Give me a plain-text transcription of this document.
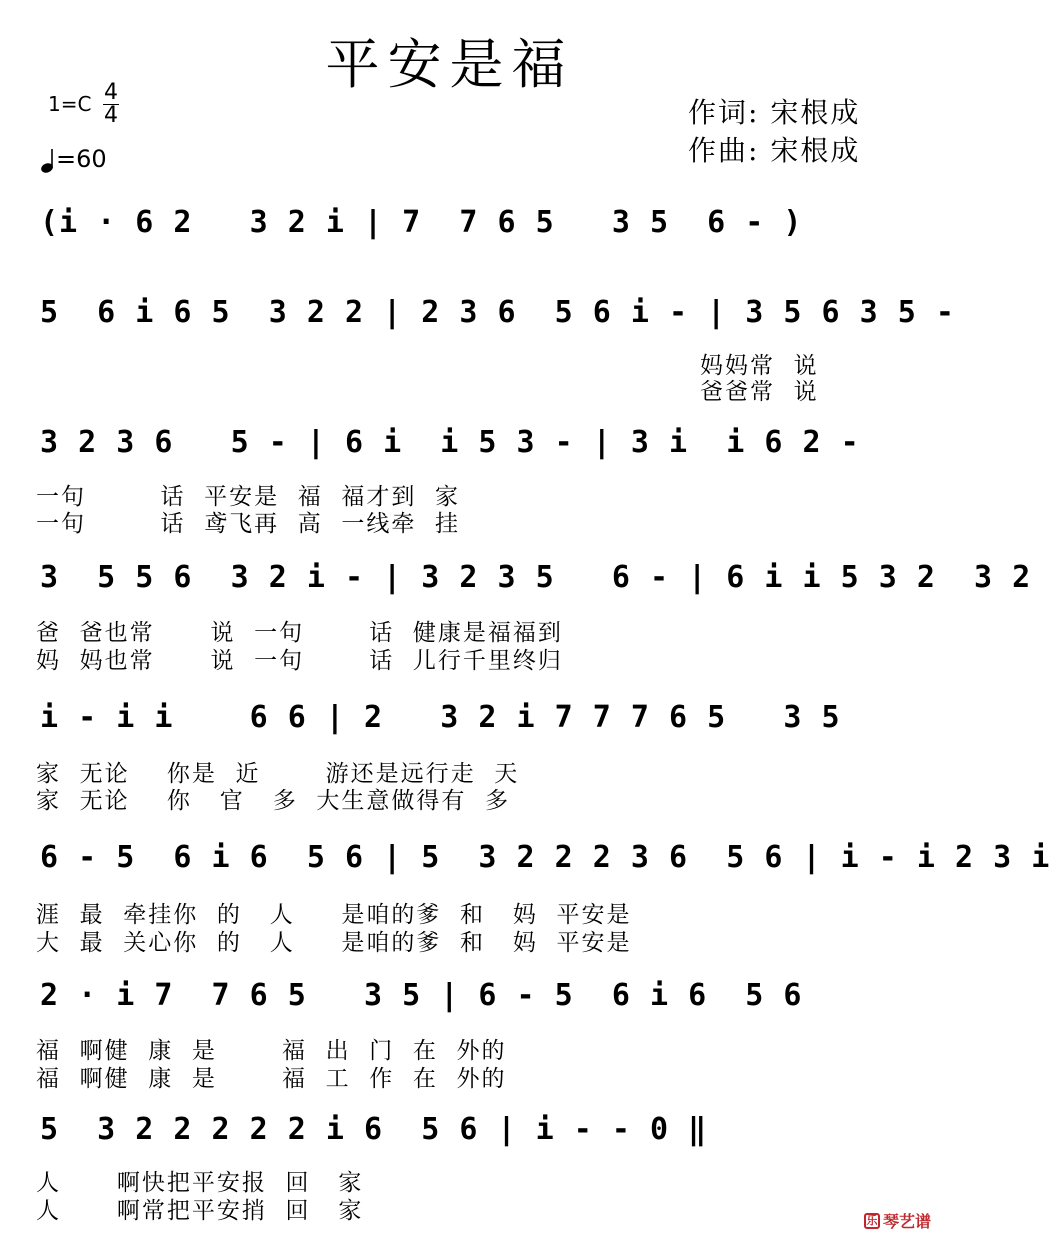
平安是福
1=C 4
4
=60
作词: 宋根成
作曲: 宋根成
(i · 6 2   3 2 i | 7  7 6 5   3 5  6 - )
5  6 i 6 5  3 2 2 | 2 3 6  5 6 i - | 3 5 6 3 5 -
妈妈常  说
爸爸常  说
3 2 3 6   5 - | 6 i  i 5 3 - | 3 i  i 6 2 -
一句        话  平安是  福  福才到  家
一句        话  鸢飞再  高  一线牵  挂
3  5 5 6  3 2 i - | 3 2 3 5   6 - | 6 i i 5 3 2  3 2
爸  爸也常      说  一句       话  健康是福福到
妈  妈也常      说  一句       话  儿行千里终归
i - i i    6 6 | 2   3 2 i 7 7 7 6 5   3 5
家  无论    你是  近       游还是远行走  天
家  无论    你   官   多  大生意做得有  多
6 - 5  6 i 6  5 6 | 5  3 2 2 2 3 6  5 6 | i - i 2 3 i
涯  最  牵挂你  的   人     是咱的爹  和   妈  平安是
大  最  关心你  的   人     是咱的爹  和   妈  平安是
2 · i 7  7 6 5   3 5 | 6 - 5  6 i 6  5 6
福  啊健  康  是       福  出  门  在  外的
福  啊健  康  是       福  工  作  在  外的
5  3 2 2 2 2 2 i 6  5 6 | i - - 0 ‖
人      啊快把平安报  回   家
人      啊常把平安捎  回   家	乐 琴艺谱
